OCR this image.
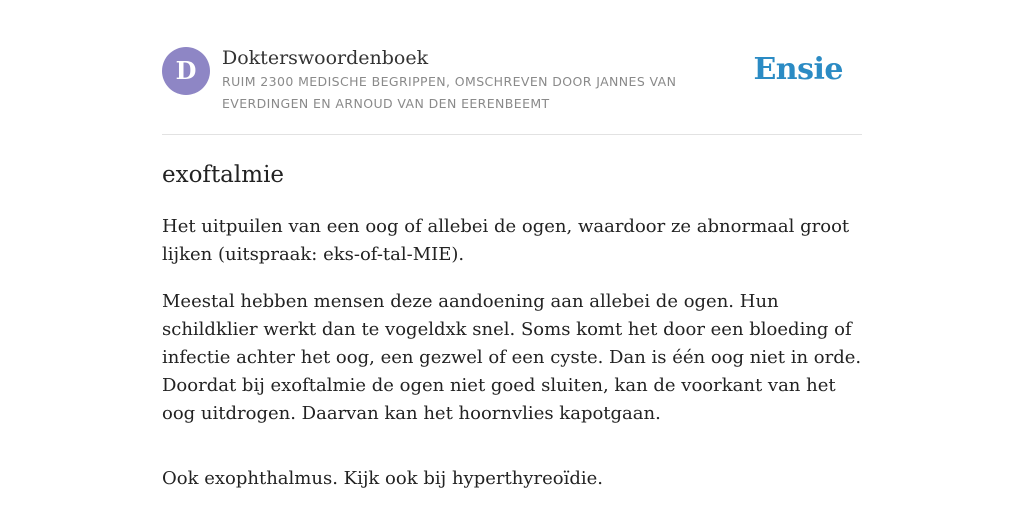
D	Dokterswoordenboek
RUIM 2300 MEDISCHE BEGRIPPEN, OMSCHREVEN DOOR JANNES VAN EVERDINGEN EN ARNOUD VAN DEN EERENBEEMT
Ensie
exoftalmie

Het uitpuilen van een oog of allebei de ogen, waardoor ze abnormaal groot lijken (uitspraak: eks-of-tal-MIE).

Meestal hebben mensen deze aandoening aan allebei de ogen. Hun schildklier werkt dan te vogeldxk snel. Soms komt het door een bloeding of infectie achter het oog, een gezwel of een cyste. Dan is één oog niet in orde. Doordat bij exoftalmie de ogen niet goed sluiten, kan de voorkant van het oog uitdrogen. Daarvan kan het hoornvlies kapotgaan.

Ook exophthalmus. Kijk ook bij hyperthyreoïdie.
